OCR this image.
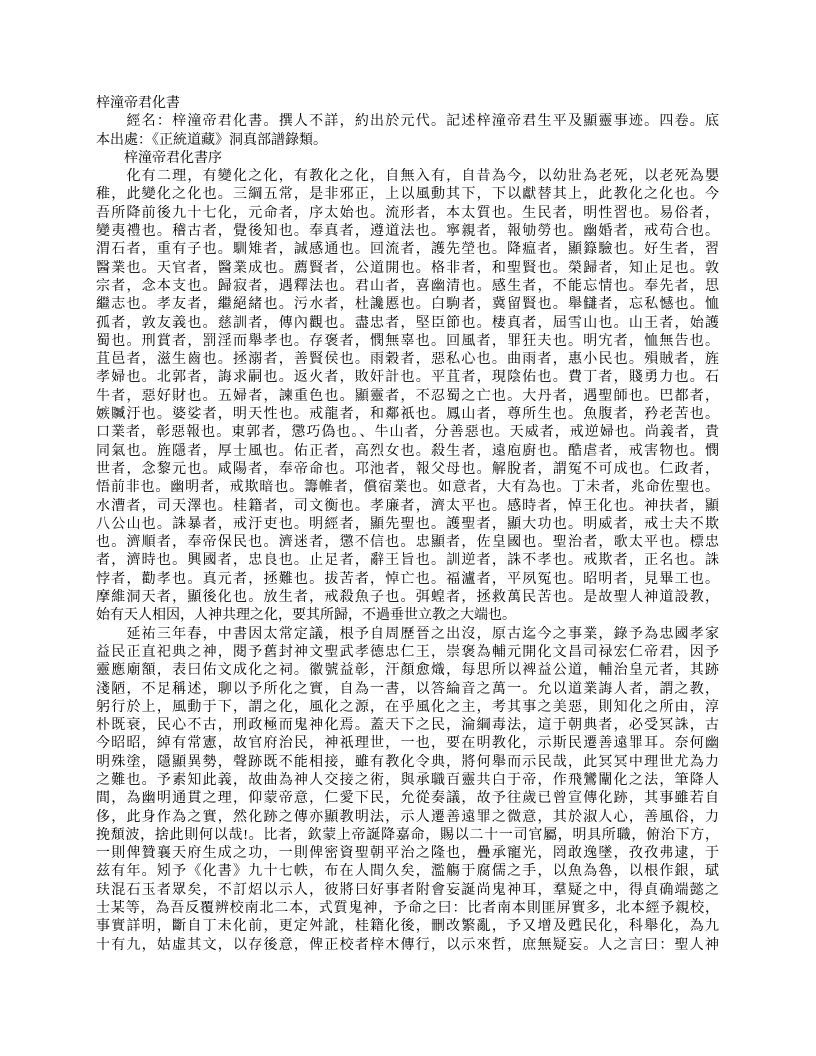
梓潼帝君化書
　　經名：梓潼帝君化書。撰人不詳，約出於元代。記述梓潼帝君生平及顯靈事迹。四卷。底
本出處：《正統道藏》洞真部譜錄類。
　　梓潼帝君化書序
　　化有二理，有變化之化，有教化之化，自無入有，自昔為今，以幼壯為老死，以老死為嬰
稚，此變化之化也。三綱五常，是非邪正，上以風動其下，下以獻替其上，此教化之化也。今
吾所降前後九十七化，元命者，序太始也。流形者，本太質也。生民者，明性習也。易俗者，
變夷禮也。稽古者，覺後知也。奉真者，遵道法也。寧親者，報劬勞也。幽婚者，戒苟合也。
渭石者，重有子也。馴雉者，誠感通也。回流者，護先塋也。降瘟者，顯籙驗也。好生者，習
醫業也。天官者，醫業成也。薦賢者，公道開也。格非者，和聖賢也。榮歸者，知止足也。敦
宗者，念本支也。歸寂者，遇釋法也。君山者，喜幽清也。感生者，不能忘情也。奉先者，思
繼志也。孝友者，繼絕緒也。污水者，杜讒慝也。白駒者，冀留賢也。舉讎者，忘私憾也。恤
孤者，敦友義也。慈訓者，傳內觀也。盡忠者，堅臣節也。棲真者，屆雪山也。山王者，始護
蜀也。刑賞者，罰淫而舉孝也。存褒者，憫無辜也。回風者，罪狂夫也。明宄者，恤無告也。
苴邑者，滋生齒也。拯溺者，善賢侯也。雨穀者，惡私心也。曲雨者，惠小民也。殞賊者，旌
孝婦也。北郭者，誨求嗣也。返火者，敗奸計也。平苴者，現陰佑也。費丁者，賤勇力也。石
牛者，惡好財也。五婦者，諫重色也。顯靈者，不忍蜀之亡也。大丹者，遇聖師也。巴都者，
嫉贓汙也。婆娑者，明天性也。戒龍者，和鄰祇也。鳳山者，尊所生也。魚腹者，矜老苦也。
口業者，彰惡報也。東郭者，懲巧偽也。、牛山者，分善惡也。天威者，戒逆婦也。尚義者，貴
同氣也。旌隱者，厚士風也。佑正者，高烈女也。殺生者，遠庖廚也。酷虐者，戒害物也。憫
世者，念黎元也。咸陽者，奉帝命也。邛池者，報父母也。解脫者，謂冤不可成也。仁政者，
悟前非也。幽明者，戒欺暗也。籌帷者，償宿業也。如意者，大有為也。丁未者，兆命佐聖也。
水漕者，司天澤也。桂籍者，司文衡也。孝廉者，濟太平也。感時者，悼王化也。神扶者，顯
八公山也。誅暴者，戒汙吏也。明經者，顯先聖也。護聖者，顯大功也。明威者，戒士夫不欺
也。濟順者，奉帝保民也。濟迷者，懲不信也。忠顯者，佐皇國也。聖治者，歌太平也。標忠
者，濟時也。興國者，忠良也。止足者，辭王旨也。訓逆者，誅不孝也。戒欺者，正名也。誅
悖者，勸孝也。真元者，拯難也。拔苦者，悼亡也。福瀘者，平夙冤也。昭明者，見畢工也。
摩維洞天者，顯後化也。放生者，戒殺魚子也。弭蝗者，拯救萬民苦也。是故聖人神道設教，
始有天人相因，人神共理之化，要其所歸，不過垂世立教之大端也。
　　延祐三年春，中書因太常定議，根予自周歷晉之出沒，原古迄今之事業，錄予為忠國孝家
益民正直祀典之神，閱予舊封神文聖武孝德忠仁王，崇褒為輔元開化文昌司禄宏仁帝君，因予
靈應廟額，表曰佑文成化之祠。徽號益彰，汗顏愈熾，每思所以裨益公道，輔治皇元者，其跡
淺陋，不足稱述，聊以予所化之實，自為一書，以答綸音之萬一。允以道業誨人者，謂之教，
躬行於上，風動于下，謂之化，風化之源，在乎風化之主，考其事之美惡，則知化之所由，淳
朴既衰，民心不古，刑政極而鬼神化焉。蓋天下之民，淪綱毒法，這于朝典者，必受冥誅，古
今昭昭，綽有常憲，故官府治民，神祇理世，一也，要在明教化，示斯民遷善遠罪耳。奈何幽
明殊塗，隱顯異勢，聲跡既不能相接，雖有教化令典，將何舉而示民哉，此冥冥中理世尤為力
之難也。予素知此義，故曲為神人交接之術，與承職百靈共白于帝，作飛鸞闡化之法，筆降人
間，為幽明通貫之理，仰蒙帝意，仁愛下民，允從奏議，故予往歲已曾宣傳化跡，其事雖若自
侈，此身作為之實，然化跡之傳亦顯教明法，示人遷善遠罪之微意，其於淑人心，善風俗，力
挽頹波，捨此則何以哉!。比者，欽蒙上帝誕降嘉命，賜以二十一司官屬，明具所職，俯治下方，
一則俾贊襄天府生成之功，一則俾密資聖朝平治之隆也，疊承寵光，罔敢逸墜，孜孜弗逮，于
兹有年。矧予《化書》九十七帙，布在人間久矣，濫觴于腐儒之手，以魚為魯，以根作銀，珷
玞混石玉者眾矣，不訂炤以示人，彼將曰好事者附會妄誕尚鬼神耳，羣疑之中，得貞确端懿之
士某等，為吾反覆辨校南北二本，式質鬼神，予命之曰：比者南本則匪屏實多，北本經予親校，
事實詳明，斷自丁未化前，更定舛訛，桂籍化後，刪改繁亂，予又增及甦民化，科舉化，為九
十有九，姑虛其文，以存後意，俾正校者梓木傳行，以示來哲，庶無疑妄。人之言曰：聖人神
